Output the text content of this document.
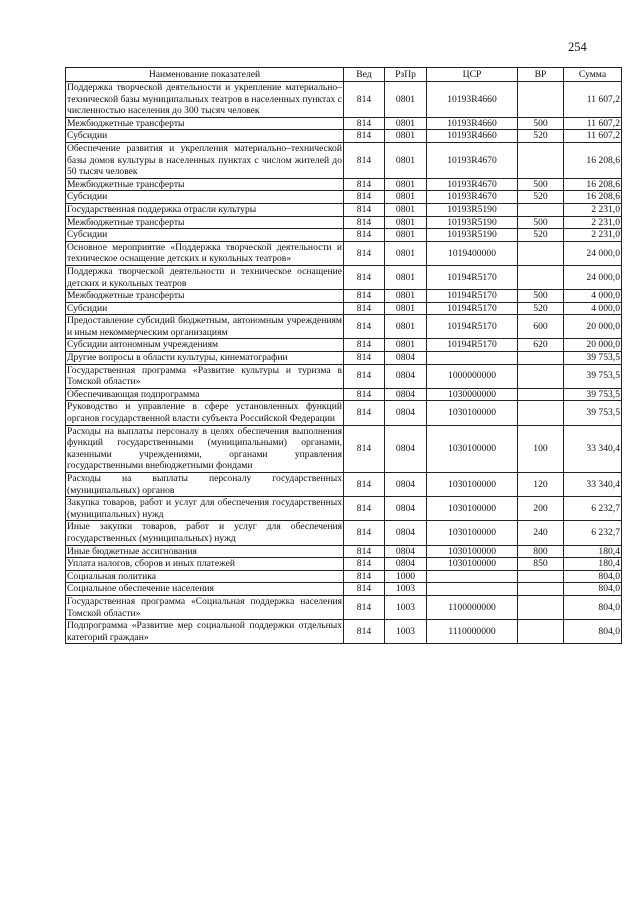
254
Наименование показателей	Вед	РзПр	ЦСР	ВР	Сумма
Поддержка творческой деятельности и укрепление материально–технической базы муниципальных театров в населенных пунктах с численностью населения до 300 тысяч человек	814	0801	10193R4660		11 607,2
Межбюджетные трансферты	814	0801	10193R4660	500	11 607,2
Субсидии	814	0801	10193R4660	520	11 607,2
Обеспечение развития и укрепления материально–технической базы домов культуры в населенных пунктах с числом жителей до 50 тысяч человек	814	0801	10193R4670		16 208,6
Межбюджетные трансферты	814	0801	10193R4670	500	16 208,6
Субсидии	814	0801	10193R4670	520	16 208,6
Государственная поддержка отрасли культуры	814	0801	10193R5190		2 231,0
Межбюджетные трансферты	814	0801	10193R5190	500	2 231,0
Субсидии	814	0801	10193R5190	520	2 231,0
Основное мероприятие «Поддержка творческой деятельности и техническое оснащение детских и кукольных театров»	814	0801	1019400000		24 000,0
Поддержка творческой деятельности и техническое оснащение детских и кукольных театров	814	0801	10194R5170		24 000,0
Межбюджетные трансферты	814	0801	10194R5170	500	4 000,0
Субсидии	814	0801	10194R5170	520	4 000,0
Предоставление субсидий бюджетным, автономным учреждениям и иным некоммерческим организациям	814	0801	10194R5170	600	20 000,0
Субсидии автономным учреждениям	814	0801	10194R5170	620	20 000,0
Другие вопросы в области культуры, кинематографии	814	0804			39 753,5
Государственная программа «Развитие культуры и туризма в Томской области»	814	0804	1000000000		39 753,5
Обеспечивающая подпрограмма	814	0804	1030000000		39 753,5
Руководство и управление в сфере установленных функций органов государственной власти субъекта Российской Федерации	814	0804	1030100000		39 753,5
Расходы на выплаты персоналу в целях обеспечения выполнения функций государственными (муниципальными) органами, казенными учреждениями, органами управления государственными внебюджетными фондами	814	0804	1030100000	100	33 340,4
Расходы на выплаты персоналу государственных (муниципальных) органов	814	0804	1030100000	120	33 340,4
Закупка товаров, работ и услуг для обеспечения государственных (муниципальных) нужд	814	0804	1030100000	200	6 232,7
Иные закупки товаров, работ и услуг для обеспечения государственных (муниципальных) нужд	814	0804	1030100000	240	6 232,7
Иные бюджетные ассигнования	814	0804	1030100000	800	180,4
Уплата налогов, сборов и иных платежей	814	0804	1030100000	850	180,4
Социальная политика	814	1000			804,0
Социальное обеспечение населения	814	1003			804,0
Государственная программа «Социальная поддержка населения Томской области»	814	1003	1100000000		804,0
Подпрограмма «Развитие мер социальной поддержки отдельных категорий граждан»	814	1003	1110000000		804,0
